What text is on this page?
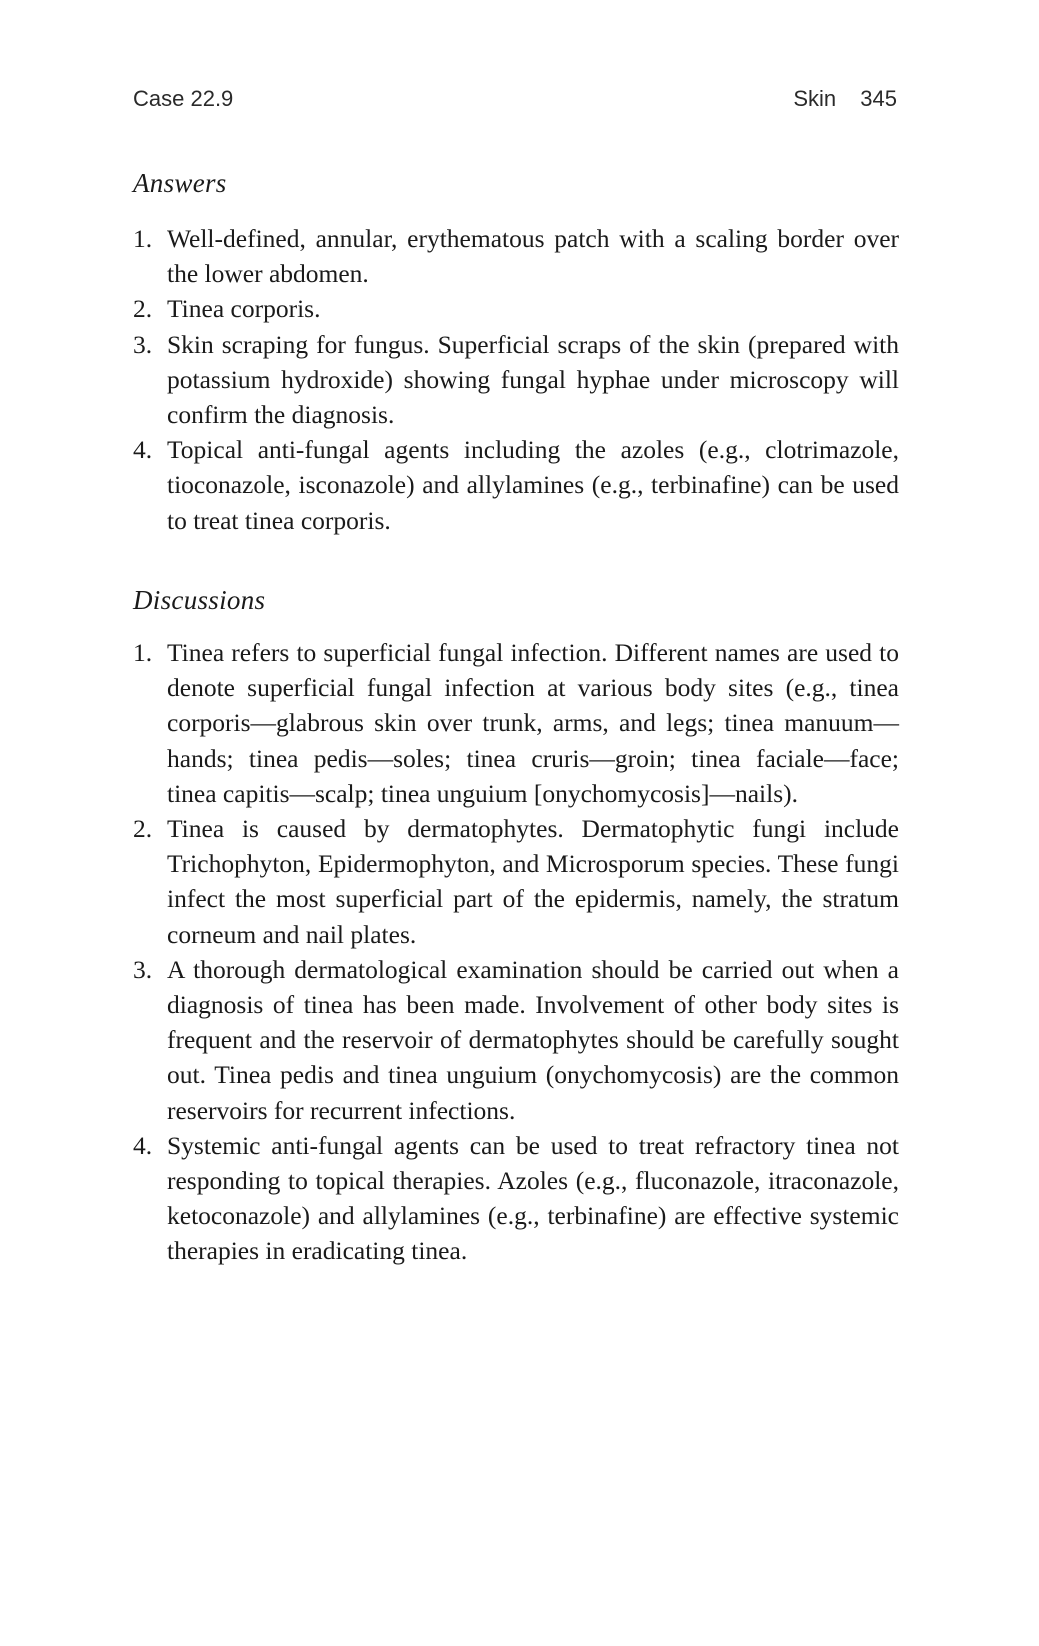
Case 22.9	Skin 345
Answers
1. Well-defined, annular, erythematous patch with a scaling border over the lower abdomen.
2. Tinea corporis.
3. Skin scraping for fungus. Superficial scraps of the skin (prepared with potassium hydroxide) showing fungal hyphae under microscopy will confirm the diagnosis.
4. Topical anti-fungal agents including the azoles (e.g., clotrimazole, tioconazole, isconazole) and allylamines (e.g., terbinafine) can be used to treat tinea corporis.
Discussions
1. Tinea refers to superficial fungal infection. Different names are used to denote superficial fungal infection at various body sites (e.g., tinea corporis—glabrous skin over trunk, arms, and legs; tinea manuum—hands; tinea pedis—soles; tinea cruris—groin; tinea faciale—face; tinea capitis—scalp; tinea unguium [onychomycosis]—nails).
2. Tinea is caused by dermatophytes. Dermatophytic fungi include Trichophyton, Epidermophyton, and Microsporum species. These fungi infect the most superficial part of the epidermis, namely, the stratum corneum and nail plates.
3. A thorough dermatological examination should be carried out when a diagnosis of tinea has been made. Involvement of other body sites is frequent and the reservoir of dermatophytes should be carefully sought out. Tinea pedis and tinea unguium (onychomycosis) are the common reservoirs for recurrent infections.
4. Systemic anti-fungal agents can be used to treat refractory tinea not responding to topical therapies. Azoles (e.g., fluconazole, itraconazole, ketoconazole) and allylamines (e.g., terbinafine) are effective systemic therapies in eradicating tinea.
